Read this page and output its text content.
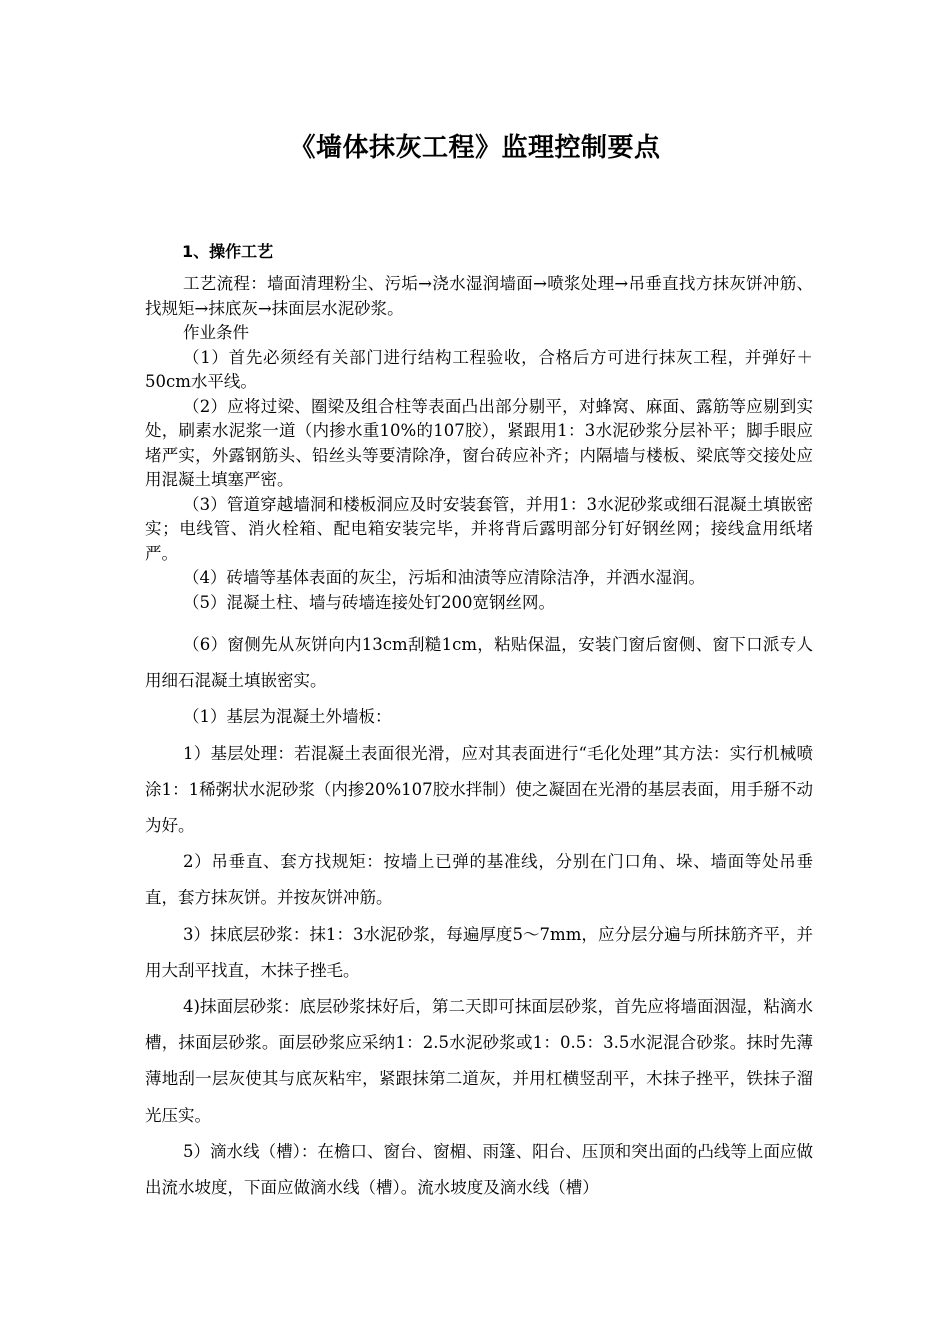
《墙体抹灰工程》监理控制要点
1、操作工艺

工艺流程：墙面清理粉尘、污垢→浇水湿润墙面→喷浆处理→吊垂直找方抹灰饼冲筋、找规矩→抹底灰→抹面层水泥砂浆。

作业条件

（1）首先必须经有关部门进行结构工程验收，合格后方可进行抹灰工程，并弹好＋50cm水平线。

（2）应将过梁、圈梁及组合柱等表面凸出部分剔平，对蜂窝、麻面、露筋等应剔到实处，刷素水泥浆一道（内掺水重10%的107胶），紧跟用1：3水泥砂浆分层补平；脚手眼应堵严实，外露钢筋头、铅丝头等要清除净，窗台砖应补齐；内隔墙与楼板、梁底等交接处应用混凝土填塞严密。

（3）管道穿越墙洞和楼板洞应及时安装套管，并用1：3水泥砂浆或细石混凝土填嵌密实；电线管、消火栓箱、配电箱安装完毕，并将背后露明部分钉好钢丝网；接线盒用纸堵严。

（4）砖墙等基体表面的灰尘，污垢和油渍等应清除洁净，并洒水湿润。

（5）混凝土柱、墙与砖墙连接处钉200宽钢丝网。

（6）窗侧先从灰饼向内13cm刮糙1cm，粘贴保温，安装门窗后窗侧、窗下口派专人用细石混凝土填嵌密实。

（1）基层为混凝土外墙板：

1）基层处理：若混凝土表面很光滑，应对其表面进行“毛化处理”其方法：实行机械喷涂1：1稀粥状水泥砂浆（内掺20%107胶水拌制）使之凝固在光滑的基层表面，用手掰不动为好。

2）吊垂直、套方找规矩：按墙上已弹的基准线，分别在门口角、垛、墙面等处吊垂直，套方抹灰饼。并按灰饼冲筋。

3）抹底层砂浆：抹1：3水泥砂浆，每遍厚度5～7mm，应分层分遍与所抹筋齐平，并用大刮平找直，木抹子挫毛。

4)抹面层砂浆：底层砂浆抹好后，第二天即可抹面层砂浆，首先应将墙面洇湿，粘滴水槽，抹面层砂浆。面层砂浆应采纳1：2.5水泥砂浆或1：0.5：3.5水泥混合砂浆。抹时先薄薄地刮一层灰使其与底灰粘牢，紧跟抹第二道灰，并用杠横竖刮平，木抹子挫平，铁抹子溜光压实。

5）滴水线（槽）：在檐口、窗台、窗楣、雨篷、阳台、压顶和突出面的凸线等上面应做出流水坡度，下面应做滴水线（槽）。流水坡度及滴水线（槽）
